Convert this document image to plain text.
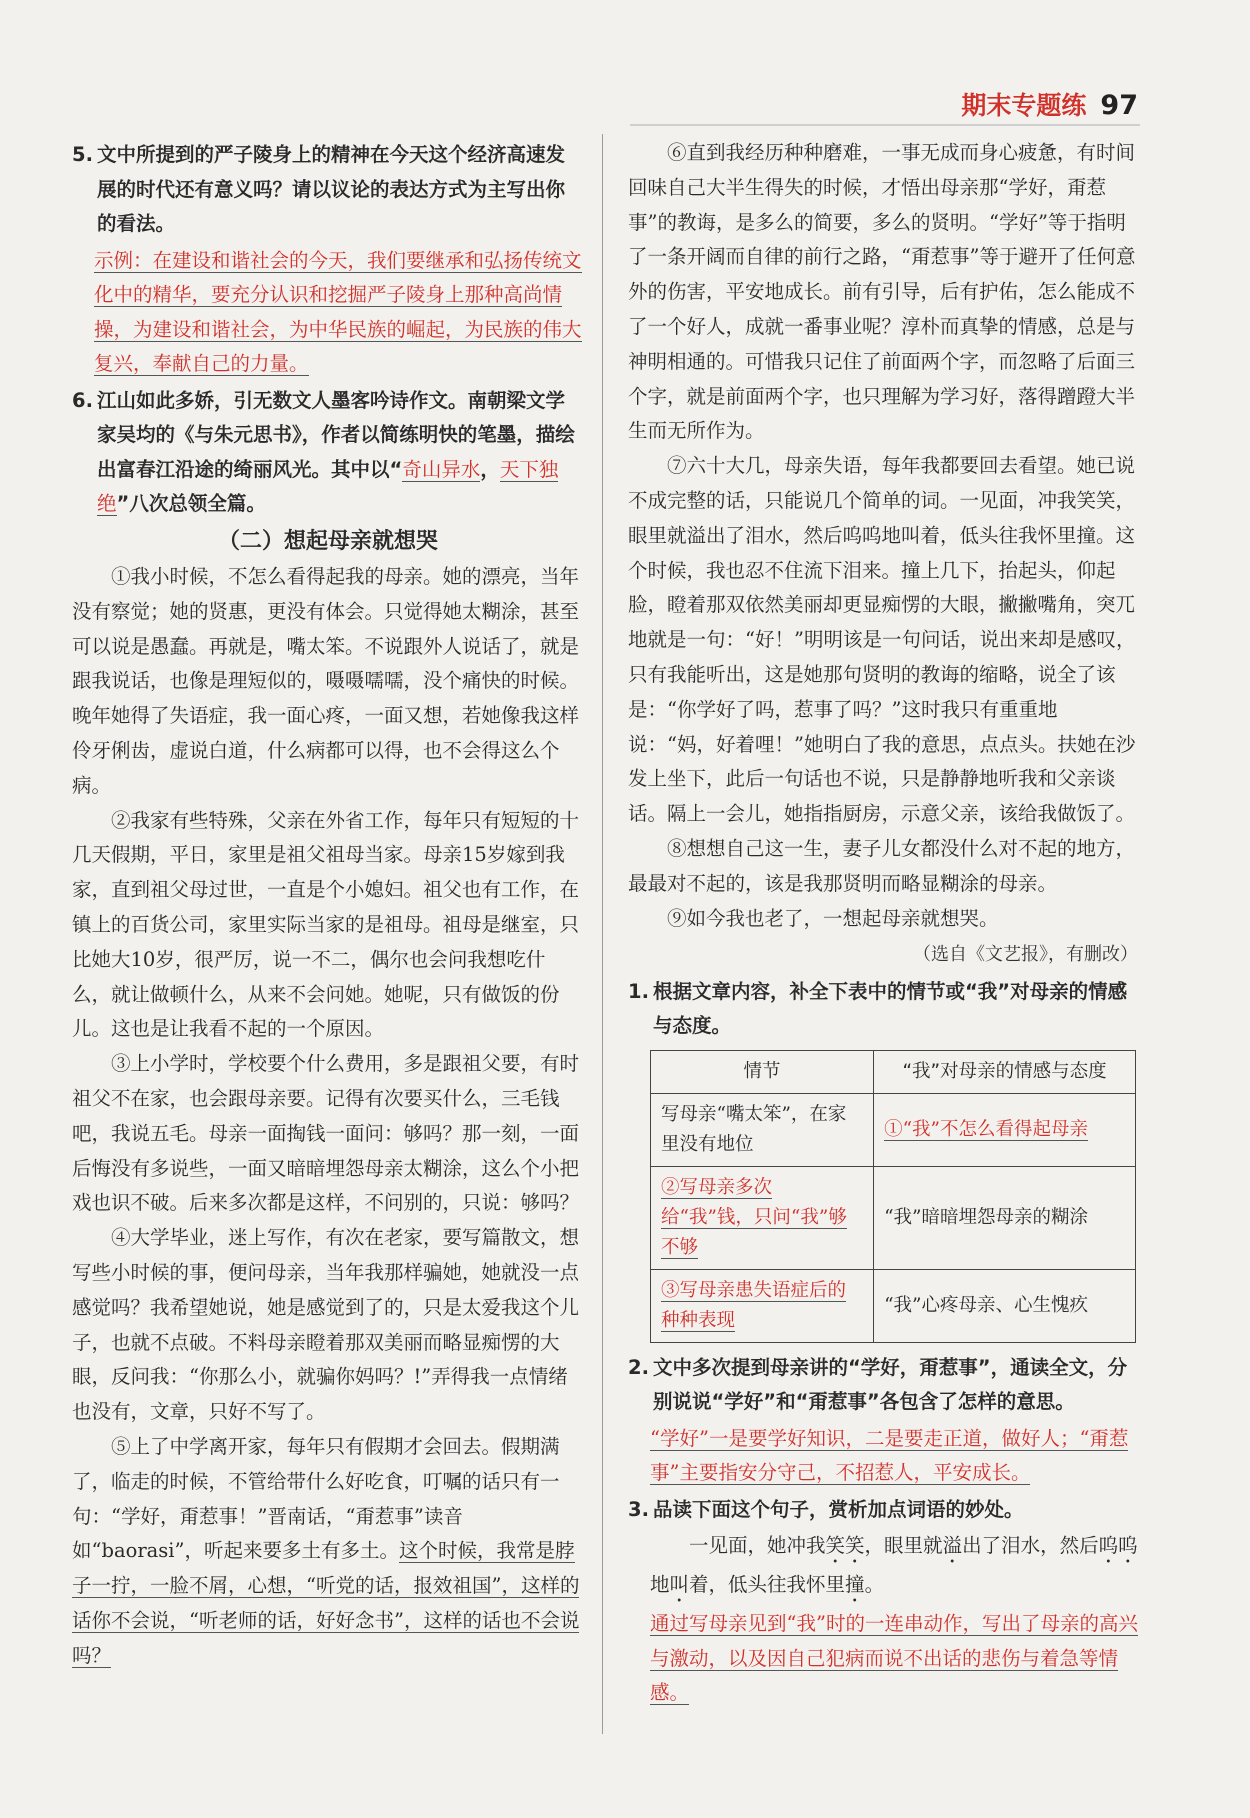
期末专题练 97
5. 文中所提到的严子陵身上的精神在今天这个经济高速发展的时代还有意义吗？请以议论的表达方式为主写出你的看法。
示例：在建设和谐社会的今天，我们要继承和弘扬传统文化中的精华，要充分认识和挖掘严子陵身上那种高尚情操，为建设和谐社会，为中华民族的崛起，为民族的伟大复兴，奉献自己的力量。
6. 江山如此多娇，引无数文人墨客吟诗作文。南朝梁文学家吴均的《与朱元思书》，作者以简练明快的笔墨，描绘出富春江沿途的绮丽风光。其中以“奇山异水，天下独绝”八次总领全篇。
（二）想起母亲就想哭

①我小时候，不怎么看得起我的母亲。她的漂亮，当年没有察觉；她的贤惠，更没有体会。只觉得她太糊涂，甚至可以说是愚蠢。再就是，嘴太笨。不说跟外人说话了，就是跟我说话，也像是理短似的，嗫嗫嚅嚅，没个痛快的时候。晚年她得了失语症，我一面心疼，一面又想，若她像我这样伶牙俐齿，虚说白道，什么病都可以得，也不会得这么个病。

②我家有些特殊，父亲在外省工作，每年只有短短的十几天假期，平日，家里是祖父祖母当家。母亲15岁嫁到我家，直到祖父母过世，一直是个小媳妇。祖父也有工作，在镇上的百货公司，家里实际当家的是祖母。祖母是继室，只比她大10岁，很严厉，说一不二，偶尔也会问我想吃什么，就让做顿什么，从来不会问她。她呢，只有做饭的份儿。这也是让我看不起的一个原因。

③上小学时，学校要个什么费用，多是跟祖父要，有时祖父不在家，也会跟母亲要。记得有次要买什么，三毛钱吧，我说五毛。母亲一面掏钱一面问：够吗？那一刻，一面后悔没有多说些，一面又暗暗埋怨母亲太糊涂，这么个小把戏也识不破。后来多次都是这样，不问别的，只说：够吗？

④大学毕业，迷上写作，有次在老家，要写篇散文，想写些小时候的事，便问母亲，当年我那样骗她，她就没一点感觉吗？我希望她说，她是感觉到了的，只是太爱我这个儿子，也就不点破。不料母亲瞪着那双美丽而略显痴愣的大眼，反问我：“你那么小，就骗你妈吗？!”弄得我一点情绪也没有，文章，只好不写了。

⑤上了中学离开家，每年只有假期才会回去。假期满了，临走的时候，不管给带什么好吃食，叮嘱的话只有一句：“学好，甭惹事！”晋南话，“甭惹事”读音如“baorasi”，听起来要多土有多土。这个时候，我常是脖子一拧，一脸不屑，心想，“听党的话，报效祖国”，这样的话你不会说，“听老师的话，好好念书”，这样的话也不会说吗？

⑥直到我经历种种磨难，一事无成而身心疲惫，有时间回味自己大半生得失的时候，才悟出母亲那“学好，甭惹事”的教诲，是多么的简要，多么的贤明。“学好”等于指明了一条开阔而自律的前行之路，“甭惹事”等于避开了任何意外的伤害，平安地成长。前有引导，后有护佑，怎么能成不了一个好人，成就一番事业呢？淳朴而真挚的情感，总是与神明相通的。可惜我只记住了前面两个字，而忽略了后面三个字，就是前面两个字，也只理解为学习好，落得蹭蹬大半生而无所作为。

⑦六十大几，母亲失语，每年我都要回去看望。她已说不成完整的话，只能说几个简单的词。一见面，冲我笑笑，眼里就溢出了泪水，然后呜呜地叫着，低头往我怀里撞。这个时候，我也忍不住流下泪来。撞上几下，抬起头，仰起脸，瞪着那双依然美丽却更显痴愣的大眼，撇撇嘴角，突兀地就是一句：“好！”明明该是一句问话，说出来却是感叹，只有我能听出，这是她那句贤明的教诲的缩略，说全了该是：“你学好了吗，惹事了吗？”这时我只有重重地说：“妈，好着哩！”她明白了我的意思，点点头。扶她在沙发上坐下，此后一句话也不说，只是静静地听我和父亲谈话。隔上一会儿，她指指厨房，示意父亲，该给我做饭了。

⑧想想自己这一生，妻子儿女都没什么对不起的地方，最最对不起的，该是我那贤明而略显糊涂的母亲。

⑨如今我也老了，一想起母亲就想哭。

（选自《文艺报》，有删改）
1. 根据文章内容，补全下表中的情节或“我”对母亲的情感与态度。
情节	“我”对母亲的情感与态度
写母亲“嘴太笨”，在家里没有地位	①“我”不怎么看得起母亲
②写母亲多次给“我”钱，只问“我”够不够	“我”暗暗埋怨母亲的糊涂
③写母亲患失语症后的种种表现	“我”心疼母亲、心生愧疚
2. 文中多次提到母亲讲的“学好，甭惹事”，通读全文，分别说说“学好”和“甭惹事”各包含了怎样的意思。
“学好”一是要学好知识，二是要走正道，做好人；“甭惹事”主要指安分守己，不招惹人，平安成长。
3. 品读下面这个句子，赏析加点词语的妙处。

一见面，她冲我笑笑，眼里就溢出了泪水，然后呜呜地叫着，低头往我怀里撞。

通过写母亲见到“我”时的一连串动作，写出了母亲的高兴与激动，以及因自己犯病而说不出话的悲伤与着急等情感。
